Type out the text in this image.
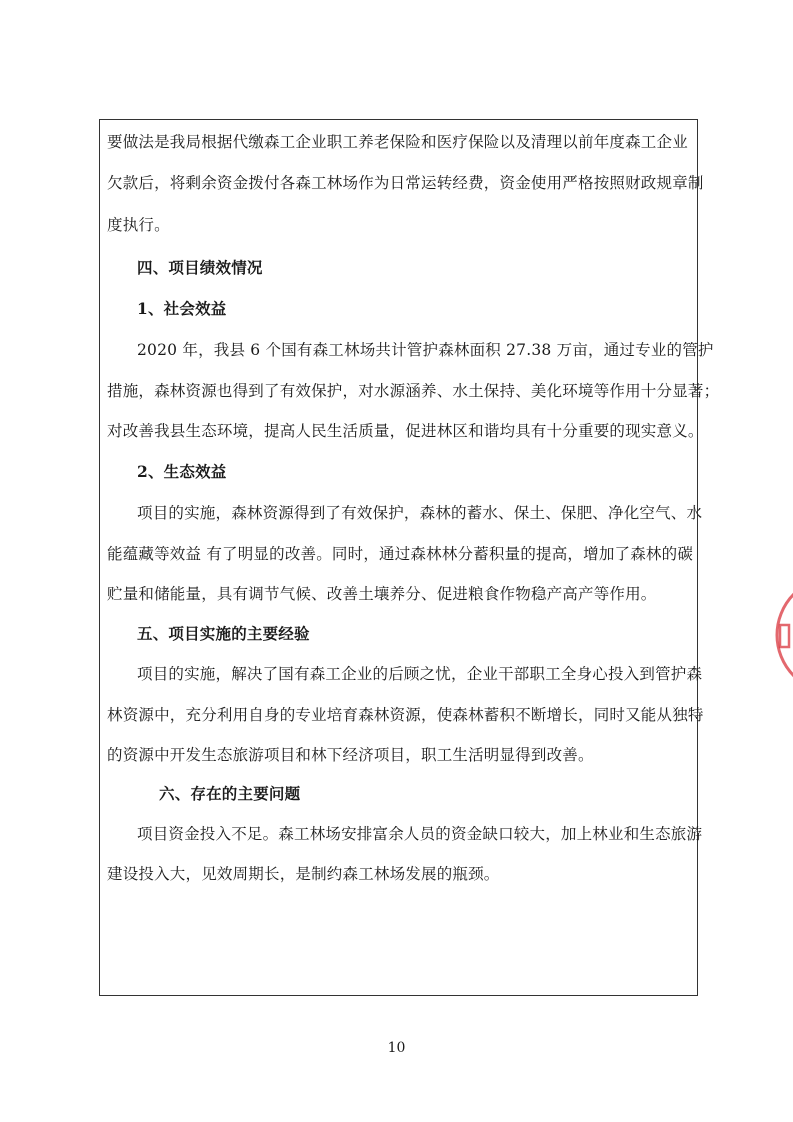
要做法是我局根据代缴森工企业职工养老保险和医疗保险以及清理以前年度森工企业
欠款后，将剩余资金拨付各森工林场作为日常运转经费，资金使用严格按照财政规章制
度执行。
四、项目绩效情况
1、社会效益
2020 年，我县 6 个国有森工林场共计管护森林面积 27.38 万亩，通过专业的管护
措施，森林资源也得到了有效保护，对水源涵养、水土保持、美化环境等作用十分显著；
对改善我县生态环境，提高人民生活质量，促进林区和谐均具有十分重要的现实意义。
2、生态效益
项目的实施，森林资源得到了有效保护，森林的蓄水、保土、保肥、净化空气、水
能蕴藏等效益 有了明显的改善。同时，通过森林林分蓄积量的提高，增加了森林的碳
贮量和储能量，具有调节气候、改善土壤养分、促进粮食作物稳产高产等作用。
五、项目实施的主要经验
项目的实施，解决了国有森工企业的后顾之忧，企业干部职工全身心投入到管护森
林资源中，充分利用自身的专业培育森林资源，使森林蓄积不断增长，同时又能从独特
的资源中开发生态旅游项目和林下经济项目，职工生活明显得到改善。
六、存在的主要问题
项目资金投入不足。森工林场安排富余人员的资金缺口较大，加上林业和生态旅游
建设投入大，见效周期长，是制约森工林场发展的瓶颈。
10
